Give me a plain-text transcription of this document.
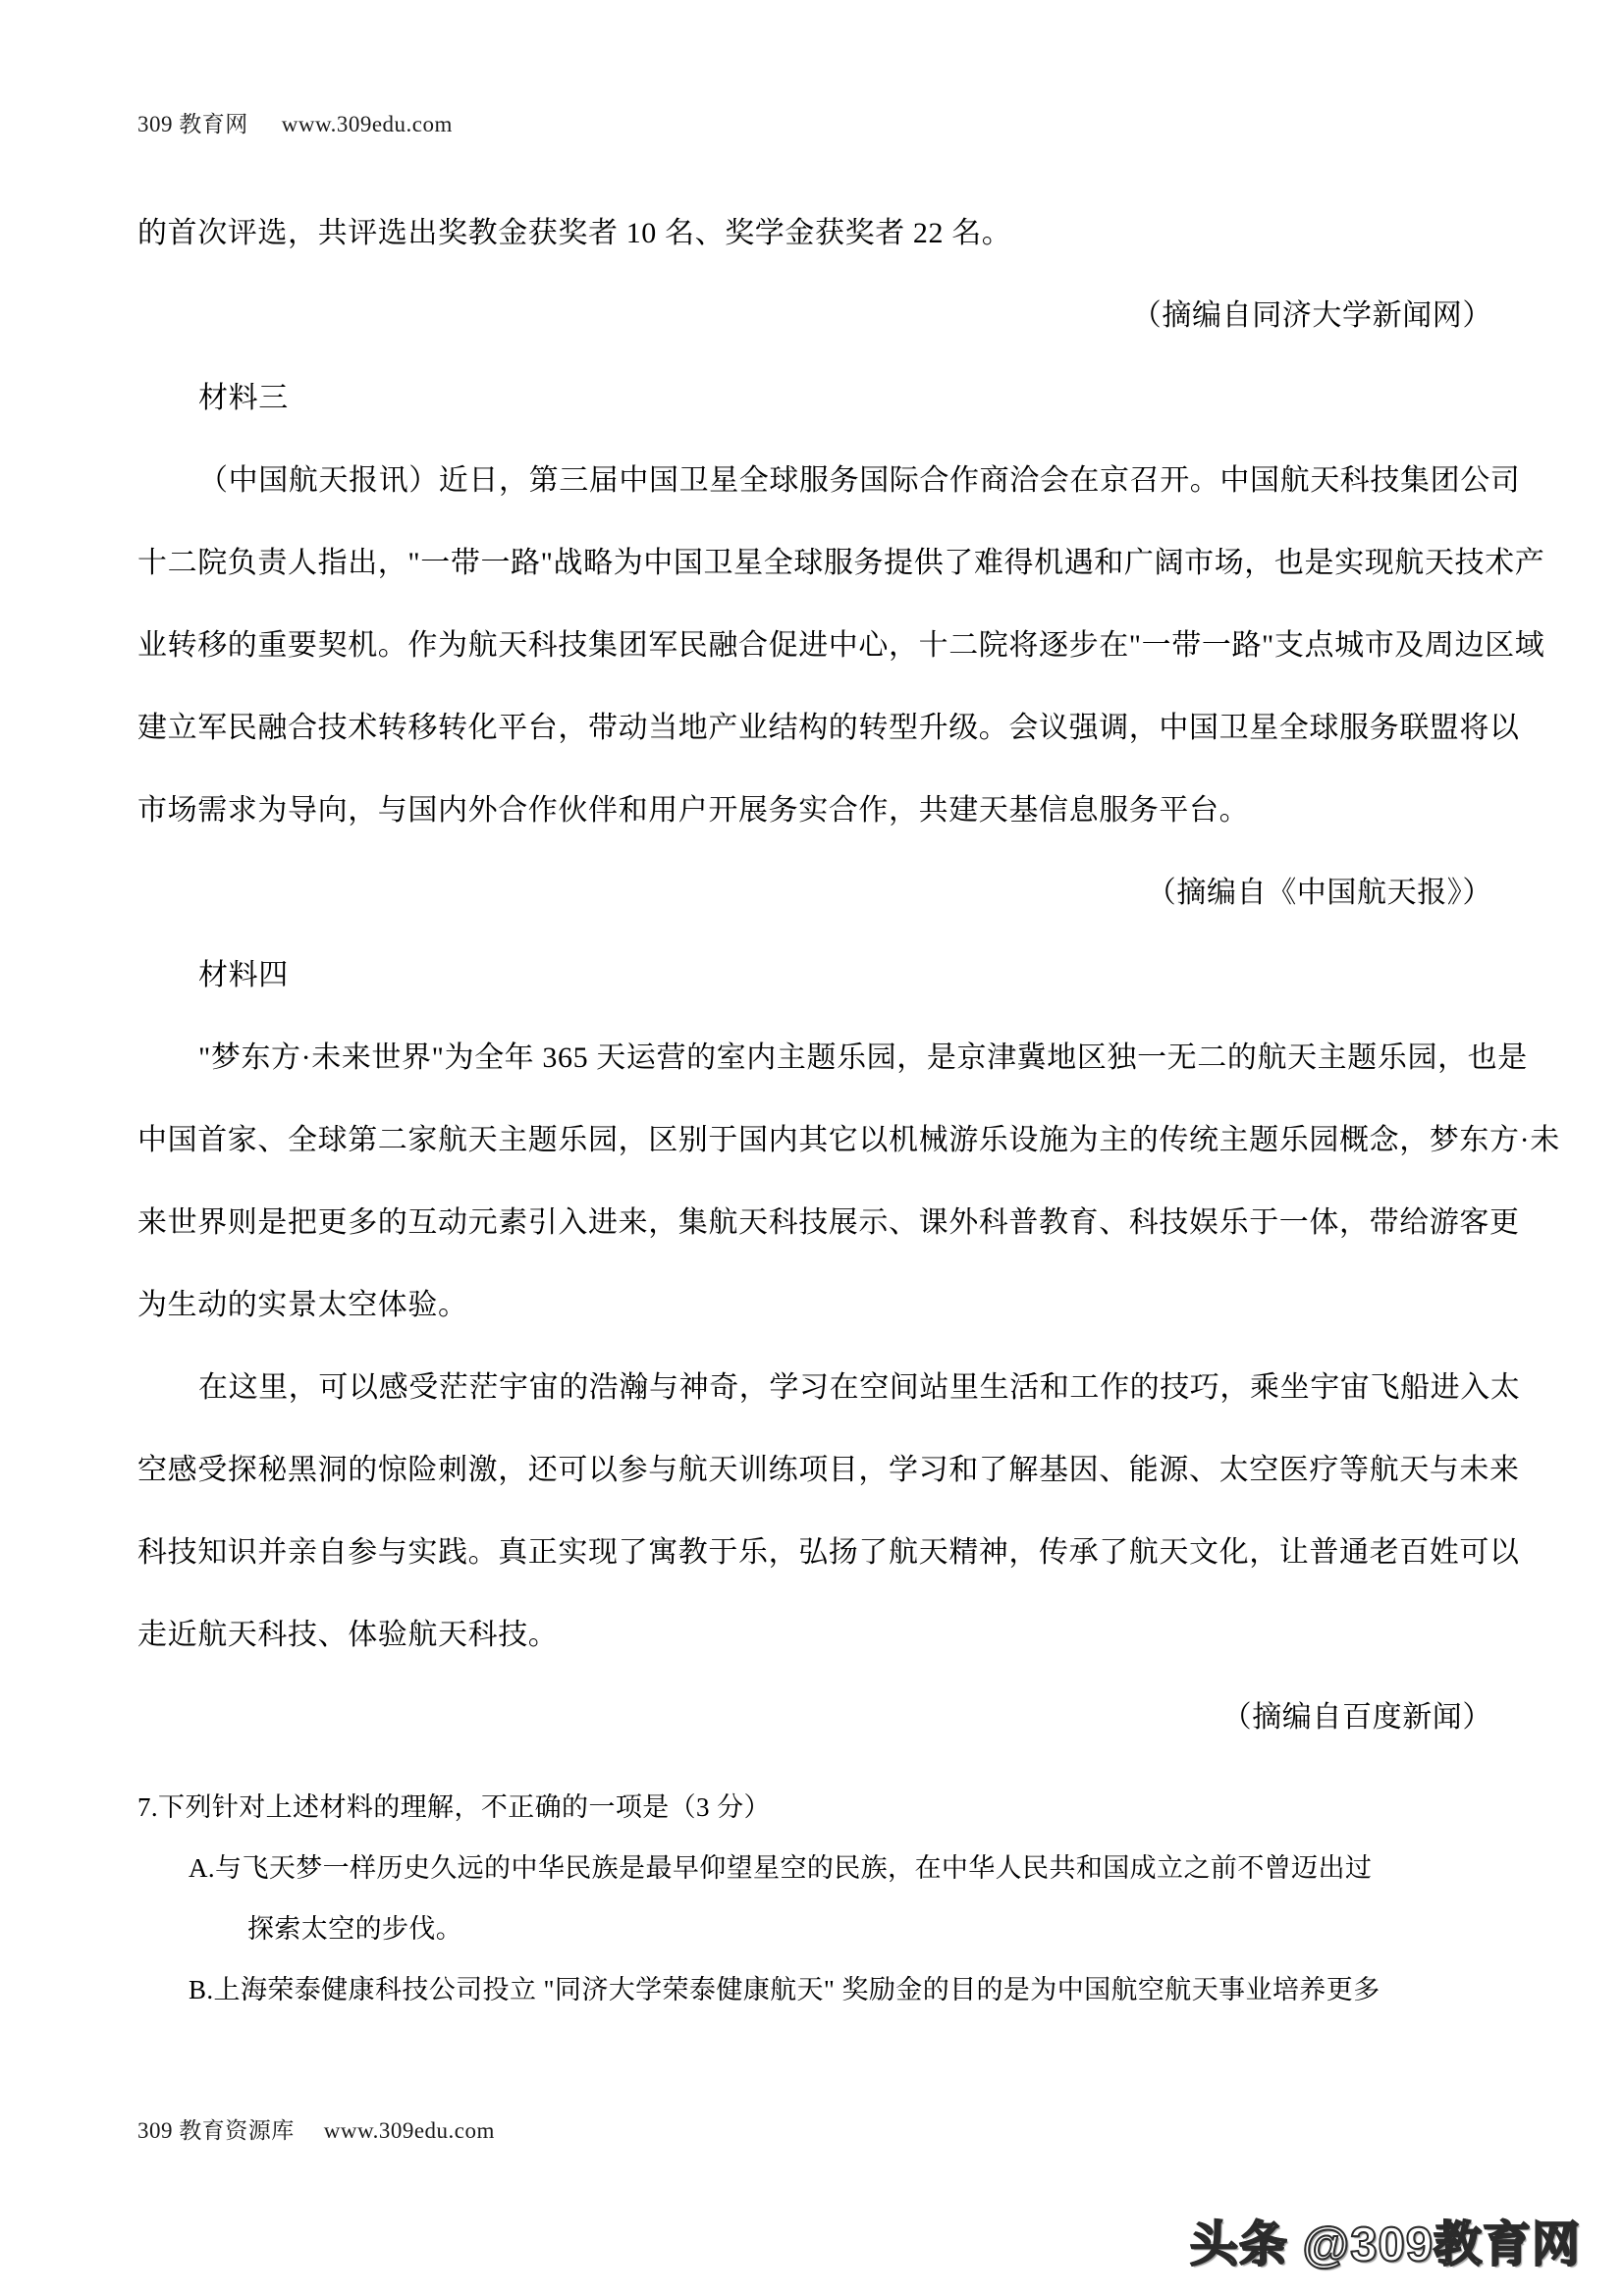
309 教育网 www.309edu.com
的首次评选，共评选出奖教金获奖者 10 名、奖学金获奖者 22 名。
（摘编自同济大学新闻网）
材料三
（中国航天报讯）近日，第三届中国卫星全球服务国际合作商洽会在京召开。中国航天科技集团公司
十二院负责人指出，"一带一路"战略为中国卫星全球服务提供了难得机遇和广阔市场，也是实现航天技术产
业转移的重要契机。作为航天科技集团军民融合促进中心，十二院将逐步在"一带一路"支点城市及周边区域
建立军民融合技术转移转化平台，带动当地产业结构的转型升级。会议强调，中国卫星全球服务联盟将以
市场需求为导向，与国内外合作伙伴和用户开展务实合作，共建天基信息服务平台。
（摘编自《中国航天报》）
材料四
"梦东方·未来世界"为全年 365 天运营的室内主题乐园，是京津冀地区独一无二的航天主题乐园，也是
中国首家、全球第二家航天主题乐园，区别于国内其它以机械游乐设施为主的传统主题乐园概念，梦东方·未
来世界则是把更多的互动元素引入进来，集航天科技展示、课外科普教育、科技娱乐于一体，带给游客更
为生动的实景太空体验。
在这里，可以感受茫茫宇宙的浩瀚与神奇，学习在空间站里生活和工作的技巧，乘坐宇宙飞船进入太
空感受探秘黑洞的惊险刺激，还可以参与航天训练项目，学习和了解基因、能源、太空医疗等航天与未来
科技知识并亲自参与实践。真正实现了寓教于乐，弘扬了航天精神，传承了航天文化，让普通老百姓可以
走近航天科技、体验航天科技。
（摘编自百度新闻）
7.下列针对上述材料的理解，不正确的一项是（3 分）
A.与飞天梦一样历史久远的中华民族是最早仰望星空的民族，在中华人民共和国成立之前不曾迈出过
探索太空的步伐。
B.上海荣泰健康科技公司投立 "同济大学荣泰健康航天" 奖励金的目的是为中国航空航天事业培养更多
309 教育资源库 www.309edu.com
头条 @309教育网
